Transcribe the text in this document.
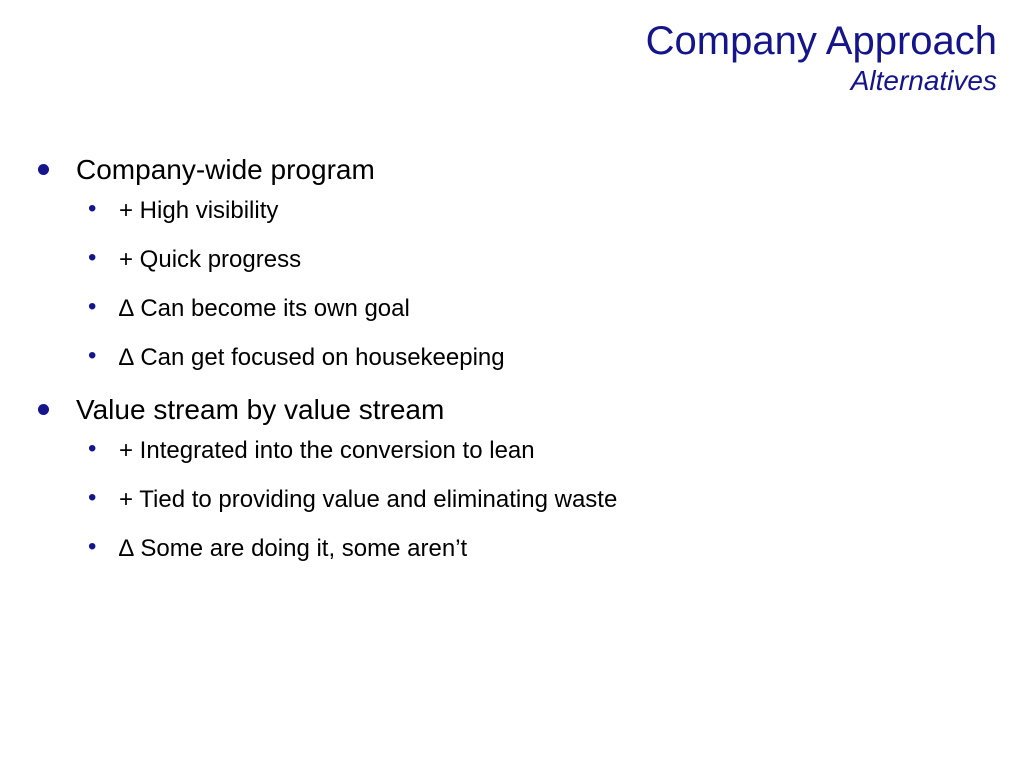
Company Approach
Alternatives
Company-wide program
• + High visibility
• + Quick progress
• ∆ Can become its own goal
• ∆ Can get focused on housekeeping
Value stream by value stream
• + Integrated into the conversion to lean
• + Tied to providing value and eliminating waste
• ∆ Some are doing it, some aren’t
